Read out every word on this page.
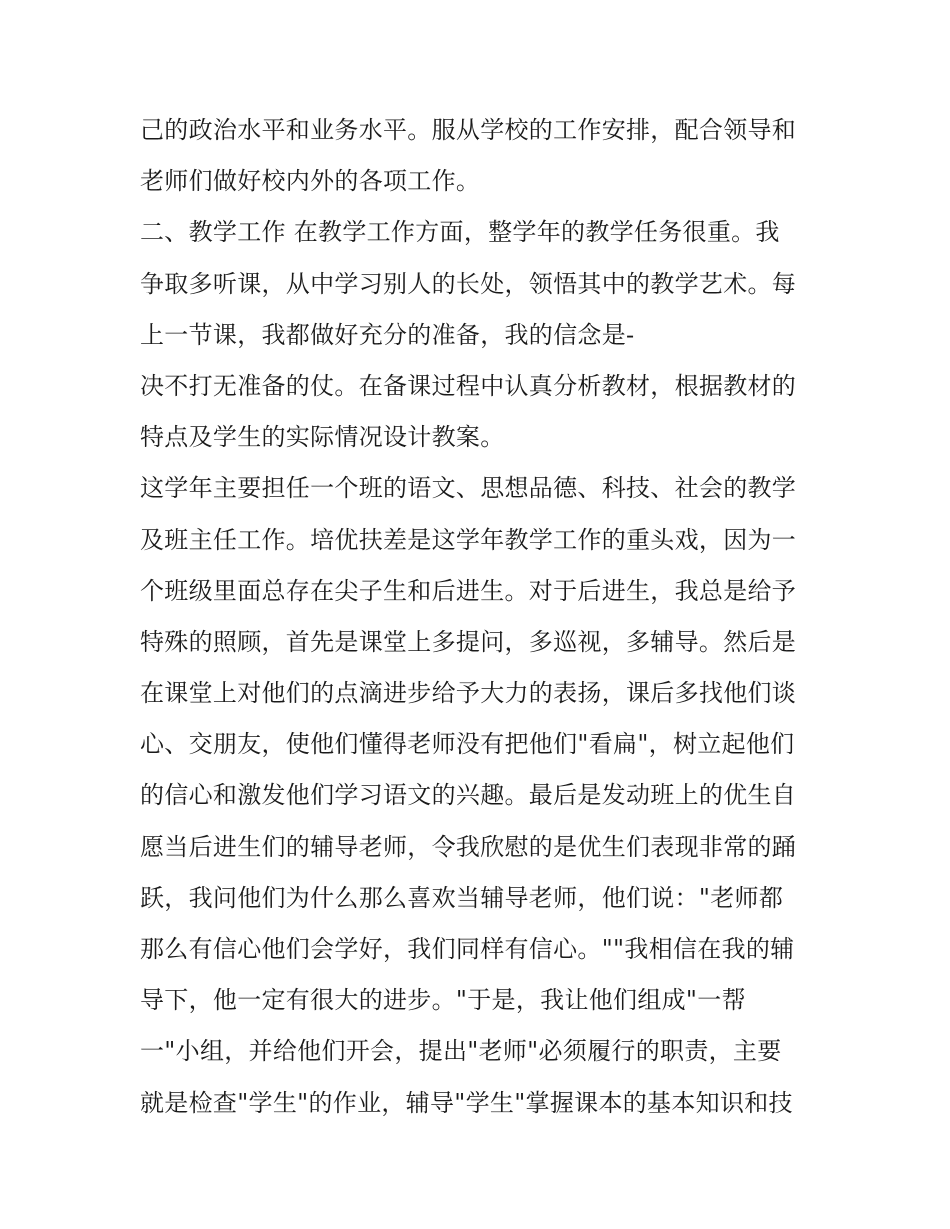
己的政治水平和业务水平。服从学校的工作安排，配合领导和
老师们做好校内外的各项工作。
二、教学工作 在教学工作方面，整学年的教学任务很重。我
争取多听课，从中学习别人的长处，领悟其中的教学艺术。每
上一节课，我都做好充分的准备，我的信念是-
决不打无准备的仗。在备课过程中认真分析教材，根据教材的
特点及学生的实际情况设计教案。
这学年主要担任一个班的语文、思想品德、科技、社会的教学
及班主任工作。培优扶差是这学年教学工作的重头戏，因为一
个班级里面总存在尖子生和后进生。对于后进生，我总是给予
特殊的照顾，首先是课堂上多提问，多巡视，多辅导。然后是
在课堂上对他们的点滴进步给予大力的表扬，课后多找他们谈
心、交朋友，使他们懂得老师没有把他们"看扁"，树立起他们
的信心和激发他们学习语文的兴趣。最后是发动班上的优生自
愿当后进生们的辅导老师，令我欣慰的是优生们表现非常的踊
跃，我问他们为什么那么喜欢当辅导老师，他们说："老师都
那么有信心他们会学好，我们同样有信心。""我相信在我的辅
导下，他一定有很大的进步。"于是，我让他们组成"一帮
一"小组，并给他们开会，提出"老师"必须履行的职责，主要
就是检查"学生"的作业，辅导"学生"掌握课本的基本知识和技
